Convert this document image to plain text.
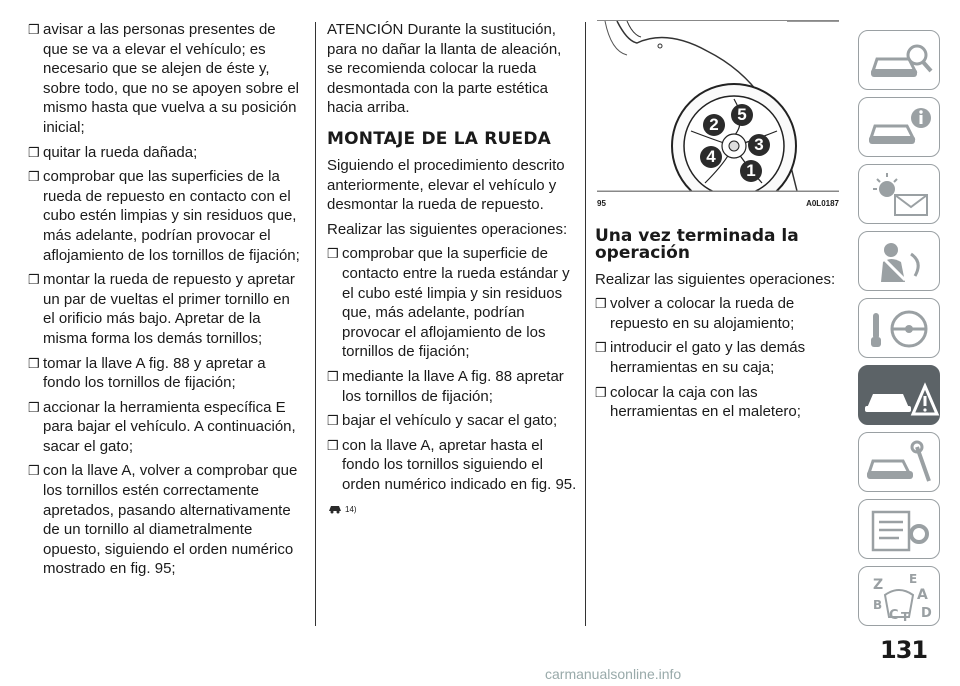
❒ avisar a las personas presentes de que se va a elevar el vehículo; es necesario que se alejen de éste y, sobre todo, que no se apoyen sobre el mismo hasta que vuelva a su posición inicial;
❒ quitar la rueda dañada;
❒ comprobar que las superficies de la rueda de repuesto en contacto con el cubo estén limpias y sin residuos que, más adelante, podrían provocar el aflojamiento de los tornillos de fijación;
❒ montar la rueda de repuesto y apretar un par de vueltas el primer tornillo en el orificio más bajo. Apretar de la misma forma los demás tornillos;
❒ tomar la llave A fig. 88 y apretar a fondo los tornillos de fijación;
❒ accionar la herramienta específica E para bajar el vehículo. A continuación, sacar el gato;
❒ con la llave A, volver a comprobar que los tornillos estén correctamente apretados, pasando alternativamente de un tornillo al diametralmente opuesto, siguiendo el orden numérico mostrado en fig. 95;

ATENCIÓN Durante la sustitución, para no dañar la llanta de aleación, se recomienda colocar la rueda desmontada con la parte estética hacia arriba.

MONTAJE DE LA RUEDA

Siguiendo el procedimiento descrito anteriormente, elevar el vehículo y desmontar la rueda de repuesto.

Realizar las siguientes operaciones:

❒ comprobar que la superficie de contacto entre la rueda estándar y el cubo esté limpia y sin residuos que, más adelante, podrían provocar el aflojamiento de los tornillos de fijación;
❒ mediante la llave A fig. 88 apretar los tornillos de fijación;
❒ bajar el vehículo y sacar el gato;
❒ con la llave A, apretar hasta el fondo los tornillos siguiendo el orden numérico indicado en fig. 95.
14)
1
2
3
4
5
95	A0L0187
Una vez terminada la operación

Realizar las siguientes operaciones:

❒ volver a colocar la rueda de repuesto en su alojamiento;
❒ introducir el gato y las demás herramientas en su caja;
❒ colocar la caja con las herramientas en el maletero;
Z E
A
B
C T D
131
carmanualsonline.info
